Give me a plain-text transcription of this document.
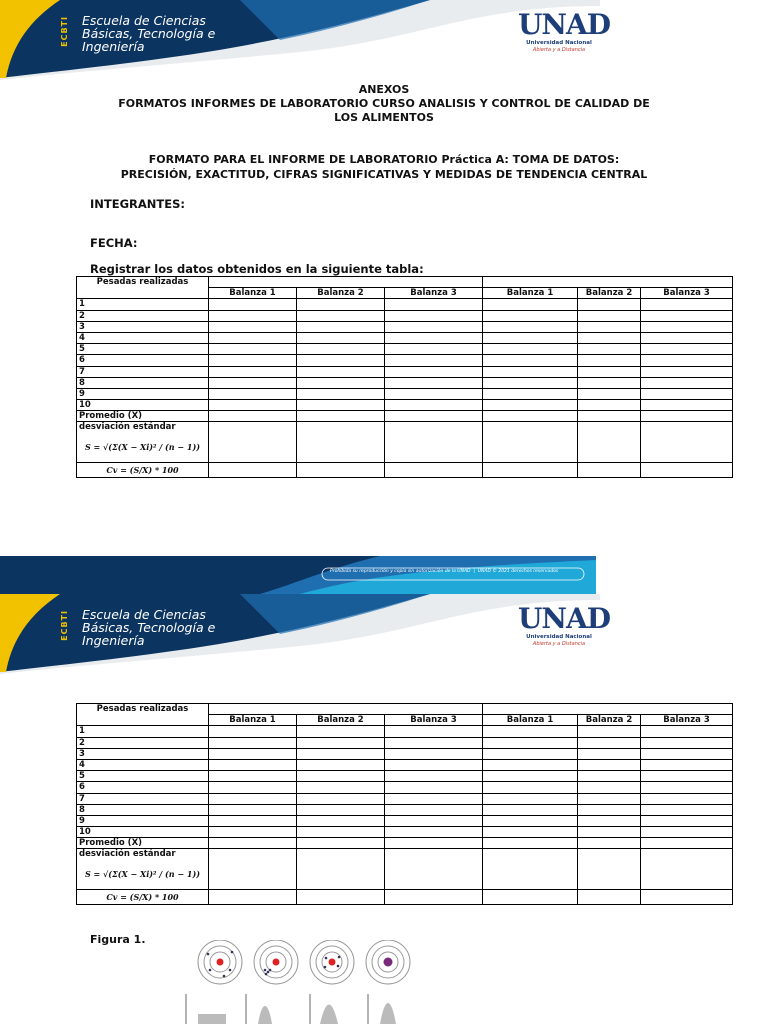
ECBTI Escuela de Ciencias
Básicas, Tecnología e
Ingeniería
UNAD
Universidad Nacional
Abierta y a Distancia
ANEXOS
FORMATOS INFORMES DE LABORATORIO CURSO ANALISIS Y CONTROL DE CALIDAD DE
LOS ALIMENTOS
FORMATO PARA EL INFORME DE LABORATORIO Práctica A: TOMA DE DATOS:
PRECISIÓN, EXACTITUD, CIFRAS SIGNIFICATIVAS Y MEDIDAS DE TENDENCIA CENTRAL
INTEGRANTES:
FECHA:
Registrar los datos obtenidos en la siguiente tabla:
Pesadas realizadas						
	Balanza 1	Balanza 2	Balanza 3	Balanza 1	Balanza 2	Balanza 3
1						
2						
3						
4						
5						
6						
7						
8						
9						
10						
Promedio (X)						

desviación estándar
S = √(Σ(X − Xi)² / (n − 1))						

Cv = (S/X) * 100						
Prohibida su reproducción y copia sin autorización de la UNAD  |  UNAD © 2021 derechos reservados
ECBTI Escuela de Ciencias
Básicas, Tecnología e
Ingeniería
UNAD
Universidad Nacional
Abierta y a Distancia
Pesadas realizadas						
	Balanza 1	Balanza 2	Balanza 3	Balanza 1	Balanza 2	Balanza 3
1						
2						
3						
4						
5						
6						
7						
8						
9						
10						
Promedio (X)						

desviación estándar
S = √(Σ(X − Xi)² / (n − 1))						

Cv = (S/X) * 100						
Figura 1.
